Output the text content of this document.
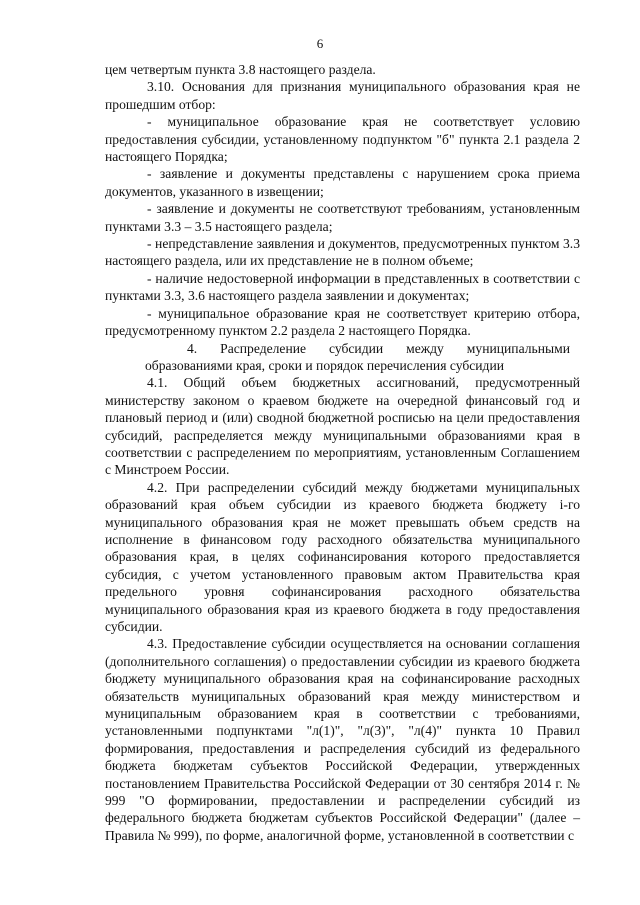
6

цем четвертым пункта 3.8 настоящего раздела.

3.10. Основания для признания муниципального образования края не прошедшим отбор:

- муниципальное образование края не соответствует условию предоставления субсидии, установленному подпунктом "б" пункта 2.1 раздела 2 настоящего Порядка;

- заявление и документы представлены с нарушением срока приема документов, указанного в извещении;

- заявление и документы не соответствуют требованиям, установленным пунктами 3.3 – 3.5 настоящего раздела;

- непредставление заявления и документов, предусмотренных пунктом 3.3 настоящего раздела, или их представление не в полном объеме;

- наличие недостоверной информации в представленных в соответствии с пунктами 3.3, 3.6 настоящего раздела заявлении и документах;

- муниципальное образование края не соответствует критерию отбора, предусмотренному пунктом 2.2 раздела 2 настоящего Порядка.

4. Распределение субсидии между муниципальными образованиями края, сроки и порядок перечисления субсидии

4.1. Общий объем бюджетных ассигнований, предусмотренный министерству законом о краевом бюджете на очередной финансовый год и плановый период и (или) сводной бюджетной росписью на цели предоставления субсидий, распределяется между муниципальными образованиями края в соответствии с распределением по мероприятиям, установленным Соглашением с Минстроем России.

4.2. При распределении субсидий между бюджетами муниципальных образований края объем субсидии из краевого бюджета бюджету i-го муниципального образования края не может превышать объем средств на исполнение в финансовом году расходного обязательства муниципального образования края, в целях софинансирования которого предоставляется субсидия, с учетом установленного правовым актом Правительства края предельного уровня софинансирования расходного обязательства муниципального образования края из краевого бюджета в году предоставления субсидии.

4.3. Предоставление субсидии осуществляется на основании соглашения (дополнительного соглашения) о предоставлении субсидии из краевого бюджета бюджету муниципального образования края на софинансирование расходных обязательств муниципальных образований края между министерством и муниципальным образованием края в соответствии с требованиями, установленными подпунктами "л(1)", "л(3)", "л(4)" пункта 10 Правил формирования, предоставления и распределения субсидий из федерального бюджета бюджетам субъектов Российской Федерации, утвержденных постановлением Правительства Российской Федерации от 30 сентября 2014 г. № 999 "О формировании, предоставлении и распределении субсидий из федерального бюджета бюджетам субъектов Российской Федерации" (далее – Правила № 999), по форме, аналогичной форме, установленной в соответствии с
